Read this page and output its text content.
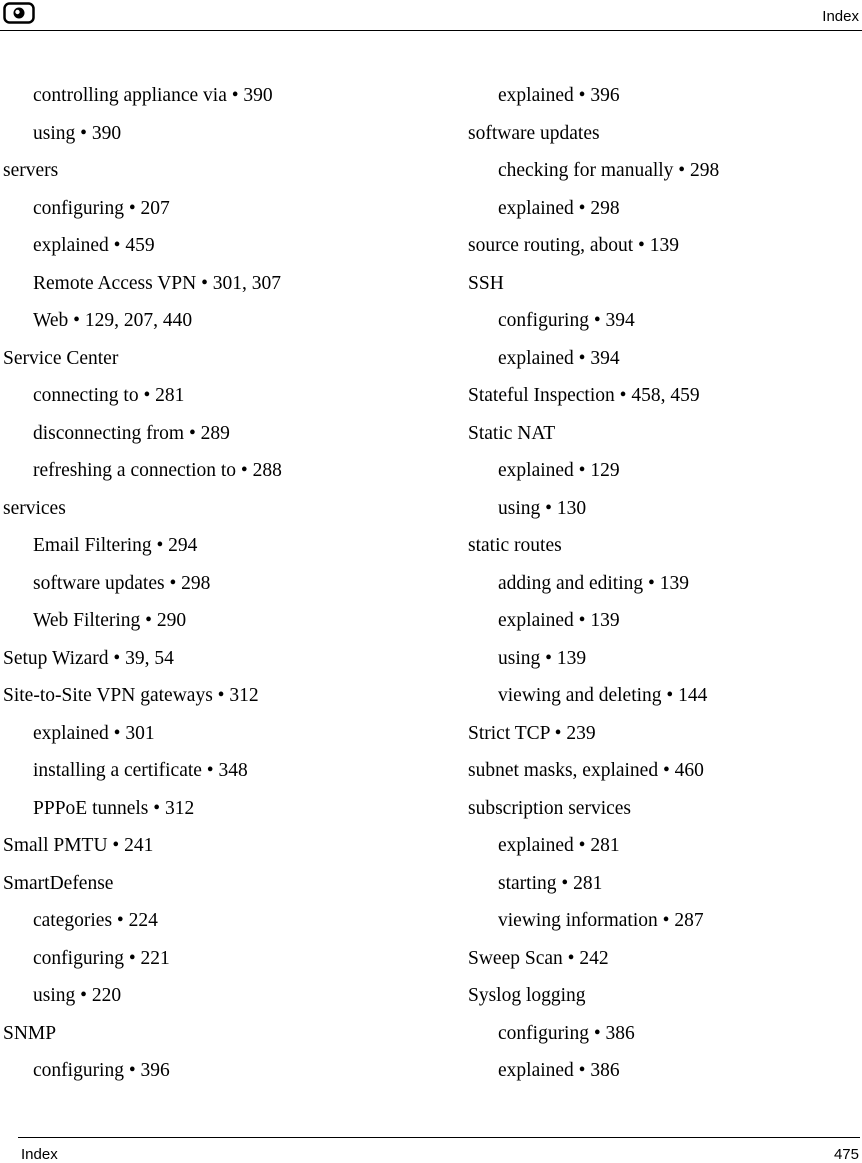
Index
controlling appliance via • 390
using • 390
servers
configuring • 207
explained • 459
Remote Access VPN • 301, 307
Web • 129, 207, 440
Service Center
connecting to • 281
disconnecting from • 289
refreshing a connection to • 288
services
Email Filtering • 294
software updates • 298
Web Filtering • 290
Setup Wizard • 39, 54
Site-to-Site VPN gateways • 312
explained • 301
installing a certificate • 348
PPPoE tunnels • 312
Small PMTU • 241
SmartDefense
categories • 224
configuring • 221
using • 220
SNMP
configuring • 396
explained • 396
software updates
checking for manually • 298
explained • 298
source routing, about • 139
SSH
configuring • 394
explained • 394
Stateful Inspection • 458, 459
Static NAT
explained • 129
using • 130
static routes
adding and editing • 139
explained • 139
using • 139
viewing and deleting • 144
Strict TCP • 239
subnet masks, explained • 460
subscription services
explained • 281
starting • 281
viewing information • 287
Sweep Scan • 242
Syslog logging
configuring • 386
explained • 386
Index	475
